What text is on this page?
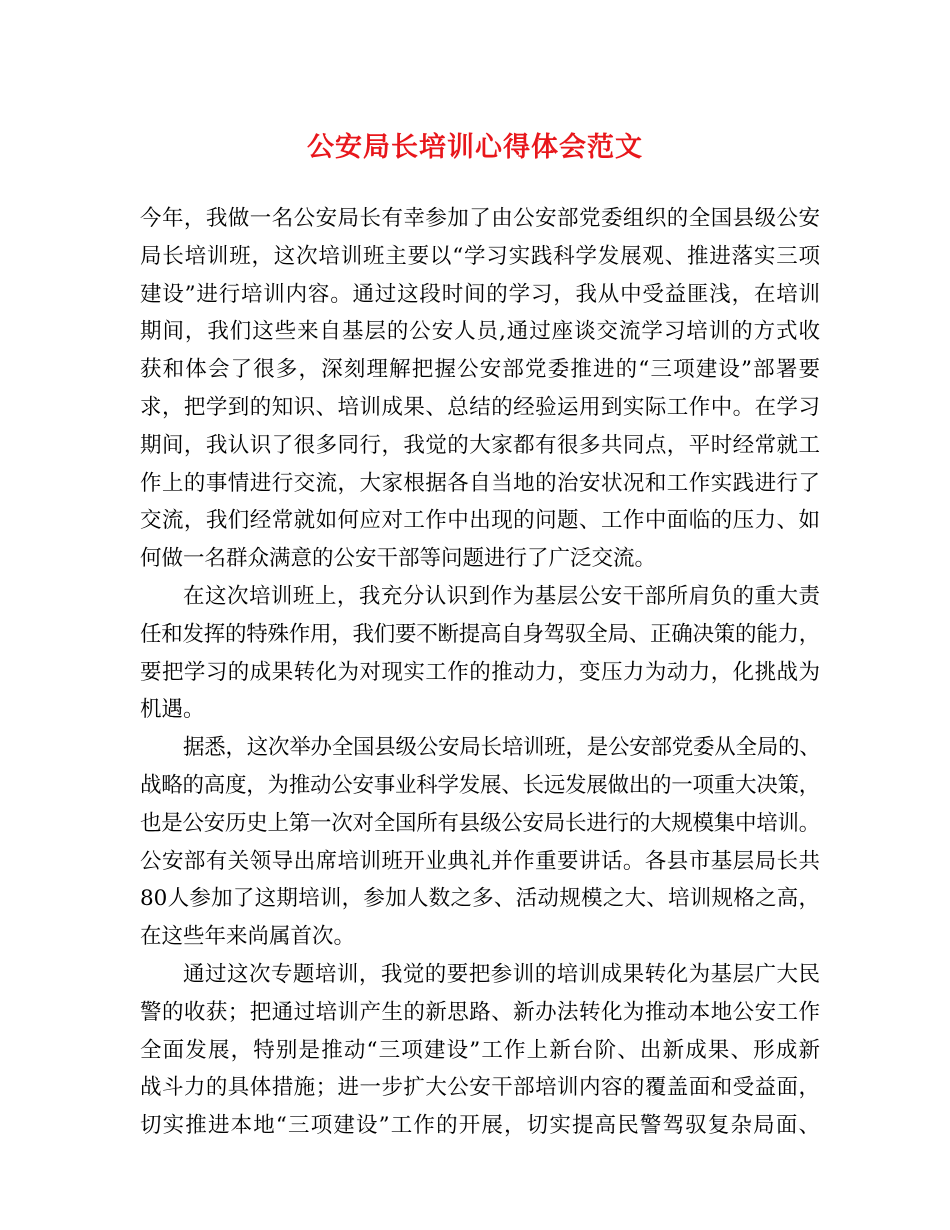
公安局长培训心得体会范文
今年，我做一名公安局长有幸参加了由公安部党委组织的全国县级公安
局长培训班，这次培训班主要以“学习实践科学发展观、推进落实三项
建设”进行培训内容。通过这段时间的学习，我从中受益匪浅，在培训
期间，我们这些来自基层的公安人员,通过座谈交流学习培训的方式收
获和体会了很多，深刻理解把握公安部党委推进的“三项建设”部署要
求，把学到的知识、培训成果、总结的经验运用到实际工作中。在学习
期间，我认识了很多同行，我觉的大家都有很多共同点，平时经常就工
作上的事情进行交流，大家根据各自当地的治安状况和工作实践进行了
交流，我们经常就如何应对工作中出现的问题、工作中面临的压力、如
何做一名群众满意的公安干部等问题进行了广泛交流。
在这次培训班上，我充分认识到作为基层公安干部所肩负的重大责
任和发挥的特殊作用，我们要不断提高自身驾驭全局、正确决策的能力，
要把学习的成果转化为对现实工作的推动力，变压力为动力，化挑战为
机遇。
据悉，这次举办全国县级公安局长培训班，是公安部党委从全局的、
战略的高度，为推动公安事业科学发展、长远发展做出的一项重大决策，
也是公安历史上第一次对全国所有县级公安局长进行的大规模集中培训。
公安部有关领导出席培训班开业典礼并作重要讲话。各县市基层局长共
80人参加了这期培训，参加人数之多、活动规模之大、培训规格之高，
在这些年来尚属首次。
通过这次专题培训，我觉的要把参训的培训成果转化为基层广大民
警的收获；把通过培训产生的新思路、新办法转化为推动本地公安工作
全面发展，特别是推动“三项建设”工作上新台阶、出新成果、形成新
战斗力的具体措施；进一步扩大公安干部培训内容的覆盖面和受益面，
切实推进本地“三项建设”工作的开展，切实提高民警驾驭复杂局面、
